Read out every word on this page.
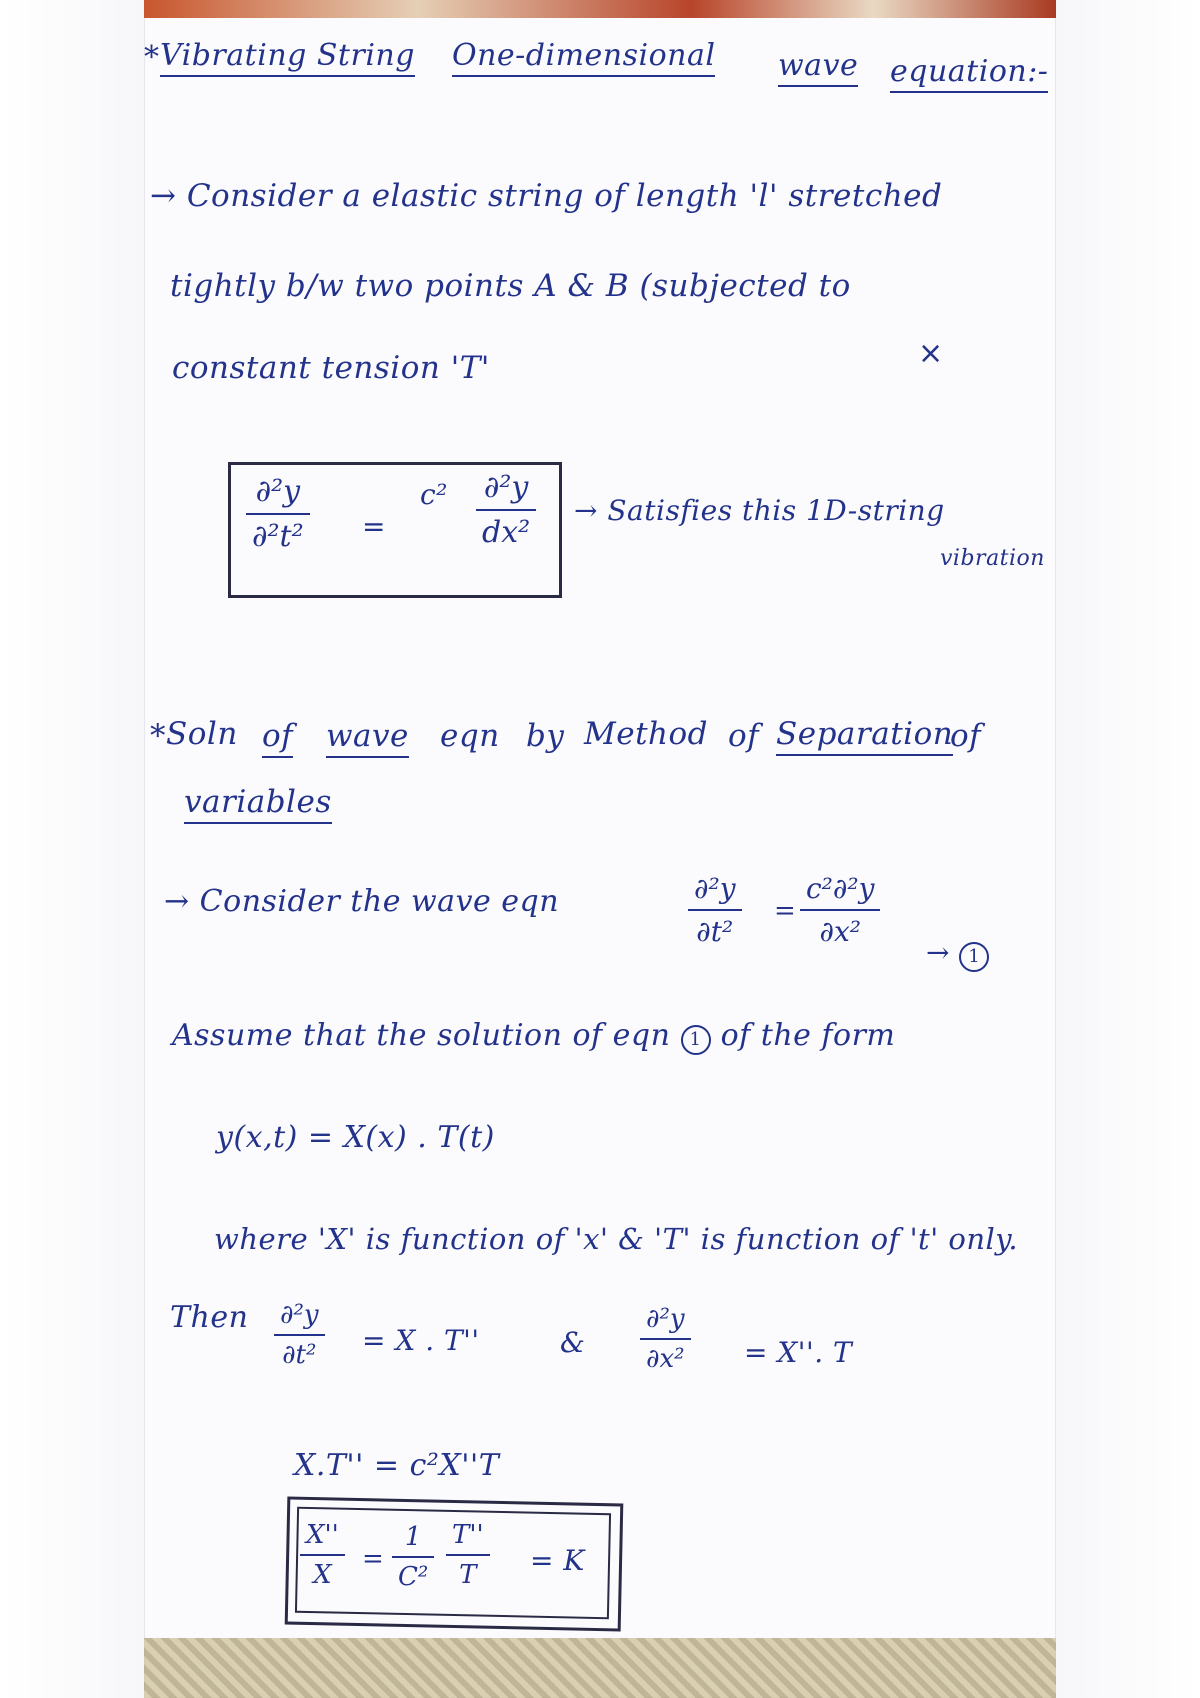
* Vibrating String One-dimensional wave equation:-
→ Consider a elastic string of length 'l' stretched
tightly b/w two points A & B (subjected to
constant tension 'T'	×
∂²y
∂²t² =
c² ∂²y
dx²
→ Satisfies this 1D-string
vibration
* Soln of wave eqn by Method of Separation
of
variables
→ Consider the wave eqn	∂²y
∂t²
=
c²∂²y
∂x²
→ 1
Assume that the solution of eqn 1 of the form
y(x,t) = X(x) . T(t)
where 'X' is function of 'x' & 'T' is function of 't' only.
Then ∂²y
∂t² = X . T''	&
∂²y
∂x² = X''. T
X.T'' = c²X''T
X''
X
=
1
C²
T''
T = K
